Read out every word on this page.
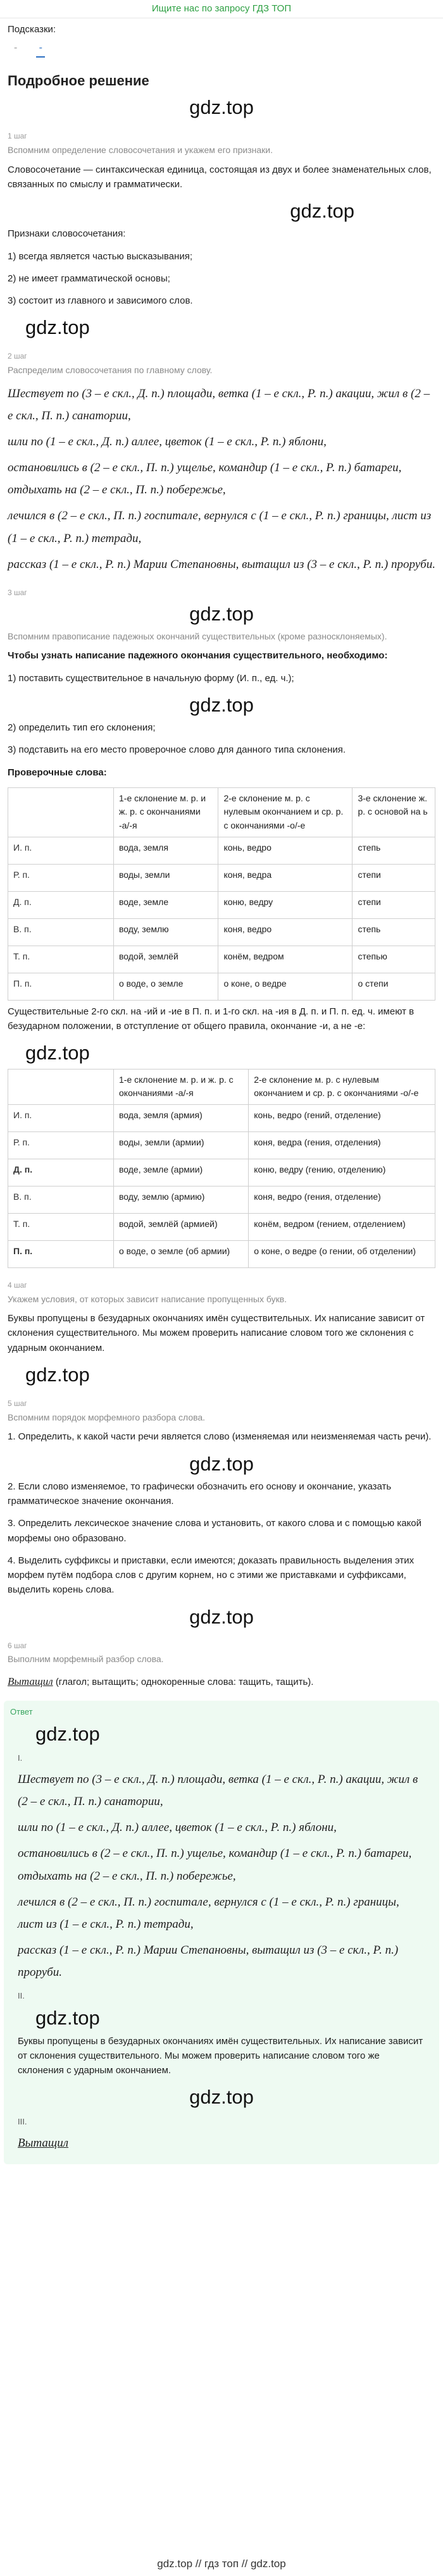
Ищите нас по запросу ГДЗ ТОП
Подсказки:
- -
Подробное решение
gdz.top
1 шаг
Вспомним определение словосочетания и укажем его признаки.
Словосочетание — синтаксическая единица, состоящая из двух и более знаменательных слов, связанных по смыслу и грамматически.
gdz.top
Признаки словосочетания:
1) всегда является частью высказывания;
2) не имеет грамматической основы;
3) состоит из главного и зависимого слов.
gdz.top
2 шаг
Распределим словосочетания по главному слову.
Шествует по (3 – е скл., Д. п.) площади, ветка (1 – е скл., Р. п.) акации, жил в (2 – е скл., П. п.) санатории,
шли по (1 – е скл., Д. п.) аллее, цветок (1 – е скл., Р. п.) яблони,
остановились в (2 – е скл., П. п.) ущелье, командир (1 – е скл., Р. п.) батареи, отдыхать на (2 – е скл., П. п.) побережье,
лечился в (2 – е скл., П. п.) госпитале, вернулся с (1 – е скл., Р. п.) границы, лист из (1 – е скл., Р. п.) тетради,
рассказ (1 – е скл., Р. п.) Марии Степановны, вытащил из (3 – е скл., Р. п.) проруби.
3 шаг
gdz.top
Вспомним правописание падежных окончаний существительных (кроме разносклоняемых).
Чтобы узнать написание падежного окончания существительного, необходимо:
1) поставить существительное в начальную форму (И. п., ед. ч.);
gdz.top
2) определить тип его склонения;
3) подставить на его место проверочное слово для данного типа склонения.
Проверочные слова:
	1-е склонение м. р. и ж. р. с окончаниями -а/-я	2-е склонение м. р. с нулевым окончанием и ср. р. с окончаниями -о/-е	3-е склонение ж. р. с основой на ь
И. п.	вода, земля	конь, ведро	степь
Р. п.	воды, земли	коня, ведра	степи
Д. п.	воде, земле	коню, ведру	степи
В. п.	воду, землю	коня, ведро	степь
Т. п.	водой, землёй	конём, ведром	степью
П. п.	о воде, о земле	о коне, о ведре	о степи
Существительные 2-го скл. на -ий и -ие в П. п. и 1-го скл. на -ия в Д. п. и П. п. ед. ч. имеют в безударном положении, в отступление от общего правила, окончание -и, а не -е:
gdz.top
	1-е склонение м. р. и ж. р. с окончаниями -а/-я	2-е склонение м. р. с нулевым окончанием и ср. р. с окончаниями -о/-е
И. п.	вода, земля (армия)	конь, ведро (гений, отделение)
Р. п.	воды, земли (армии)	коня, ведра (гения, отделения)
Д. п.	воде, земле (армии)	коню, ведру (гению, отделению)
В. п.	воду, землю (армию)	коня, ведро (гения, отделение)
Т. п.	водой, землёй (армией)	конём, ведром (гением, отделением)
П. п.	о воде, о земле (об армии)	о коне, о ведре (о гении, об отделении)
4 шаг
Укажем условия, от которых зависит написание пропущенных букв.
Буквы пропущены в безударных окончаниях имён существительных. Их написание зависит от склонения существительного. Мы можем проверить написание словом того же склонения с ударным окончанием.
gdz.top
5 шаг
Вспомним порядок морфемного разбора слова.
1. Определить, к какой части речи является слово (изменяемая или неизменяемая часть речи).
gdz.top
2. Если слово изменяемое, то графически обозначить его основу и окончание, указать грамматическое значение окончания.
3. Определить лексическое значение слова и установить, от какого слова и с помощью какой морфемы оно образовано.
4. Выделить суффиксы и приставки, если имеются; доказать правильность выделения этих морфем путём подбора слов с другим корнем, но с этими же приставками и суффиксами, выделить корень слова.
gdz.top
6 шаг
Выполним морфемный разбор слова.
Вытащил (глагол; вытащить; однокоренные слова: тащить, тащить).
Ответ
gdz.top
I.
Шествует по (3 – е скл., Д. п.) площади, ветка (1 – е скл., Р. п.) акации, жил в (2 – е скл., П. п.) санатории,
шли по (1 – е скл., Д. п.) аллее, цветок (1 – е скл., Р. п.) яблони,
остановились в (2 – е скл., П. п.) ущелье, командир (1 – е скл., Р. п.) батареи, отдыхать на (2 – е скл., П. п.) побережье,
лечился в (2 – е скл., П. п.) госпитале, вернулся с (1 – е скл., Р. п.) границы, лист из (1 – е скл., Р. п.) тетради,
рассказ (1 – е скл., Р. п.) Марии Степановны, вытащил из (3 – е скл., Р. п.) проруби.
II.
gdz.top
Буквы пропущены в безударных окончаниях имён существительных. Их написание зависит от склонения существительного. Мы можем проверить написание словом того же склонения с ударным окончанием.
gdz.top
III.
Вытащил
gdz.top // гдз топ // gdz.top
